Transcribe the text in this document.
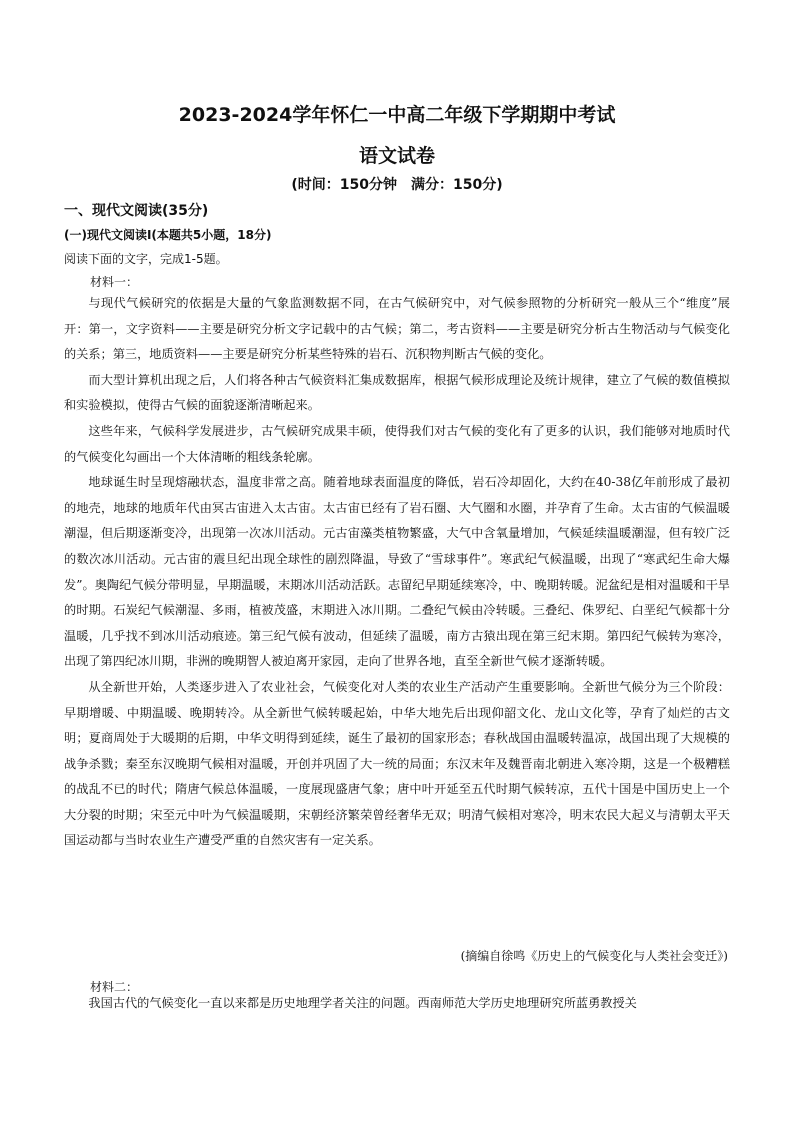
2023-2024学年怀仁一中高二年级下学期期中考试
语文试卷
(时间：150分钟　满分：150分)
一、现代文阅读(35分)
(一)现代文阅读Ⅰ(本题共5小题，18分)
阅读下面的文字，完成1-5题。
材料一：

与现代气候研究的依据是大量的气象监测数据不同，在古气候研究中，对气候参照物的分析研究一般从三个“维度”展开：第一，文字资料——主要是研究分析文字记载中的古气候；第二，考古资料——主要是研究分析古生物活动与气候变化的关系；第三，地质资料——主要是研究分析某些特殊的岩石、沉积物判断古气候的变化。

而大型计算机出现之后，人们将各种古气候资料汇集成数据库，根据气候形成理论及统计规律，建立了气候的数值模拟和实验模拟，使得古气候的面貌逐渐清晰起来。

这些年来，气候科学发展进步，古气候研究成果丰硕，使得我们对古气候的变化有了更多的认识，我们能够对地质时代的气候变化勾画出一个大体清晰的粗线条轮廓。

地球诞生时呈现熔融状态，温度非常之高。随着地球表面温度的降低，岩石冷却固化，大约在40-38亿年前形成了最初的地壳，地球的地质年代由冥古宙进入太古宙。太古宙已经有了岩石圈、大气圈和水圈，并孕育了生命。太古宙的气候温暖潮湿，但后期逐渐变冷，出现第一次冰川活动。元古宙藻类植物繁盛，大气中含氧量增加，气候延续温暖潮湿，但有较广泛的数次冰川活动。元古宙的震旦纪出现全球性的剧烈降温，导致了“雪球事件”。寒武纪气候温暖，出现了“寒武纪生命大爆发”。奥陶纪气候分带明显，早期温暖，末期冰川活动活跃。志留纪早期延续寒冷，中、晚期转暖。泥盆纪是相对温暖和干旱的时期。石炭纪气候潮湿、多雨，植被茂盛，末期进入冰川期。二叠纪气候由冷转暖。三叠纪、侏罗纪、白垩纪气候都十分温暖，几乎找不到冰川活动痕迹。第三纪气候有波动，但延续了温暖，南方古猿出现在第三纪末期。第四纪气候转为寒冷，出现了第四纪冰川期，非洲的晚期智人被迫离开家园，走向了世界各地，直至全新世气候才逐渐转暖。

从全新世开始，人类逐步进入了农业社会，气候变化对人类的农业生产活动产生重要影响。全新世气候分为三个阶段：早期增暖、中期温暖、晚期转冷。从全新世气候转暖起始，中华大地先后出现仰韶文化、龙山文化等，孕育了灿烂的古文明；夏商周处于大暖期的后期，中华文明得到延续，诞生了最初的国家形态；春秋战国由温暖转温凉，战国出现了大规模的战争杀戮；秦至东汉晚期气候相对温暖，开创并巩固了大一统的局面；东汉末年及魏晋南北朝进入寒冷期，这是一个极糟糕的战乱不已的时代；隋唐气候总体温暖，一度展现盛唐气象；唐中叶开延至五代时期气候转凉，五代十国是中国历史上一个大分裂的时期；宋至元中叶为气候温暖期，宋朝经济繁荣曾经奢华无双；明清气候相对寒冷，明末农民大起义与清朝太平天国运动都与当时农业生产遭受严重的自然灾害有一定关系。

(摘编自徐鸣《历史上的气候变化与人类社会变迁》)
材料二：

我国古代的气候变化一直以来都是历史地理学者关注的问题。西南师范大学历史地理研究所蓝勇教授关
